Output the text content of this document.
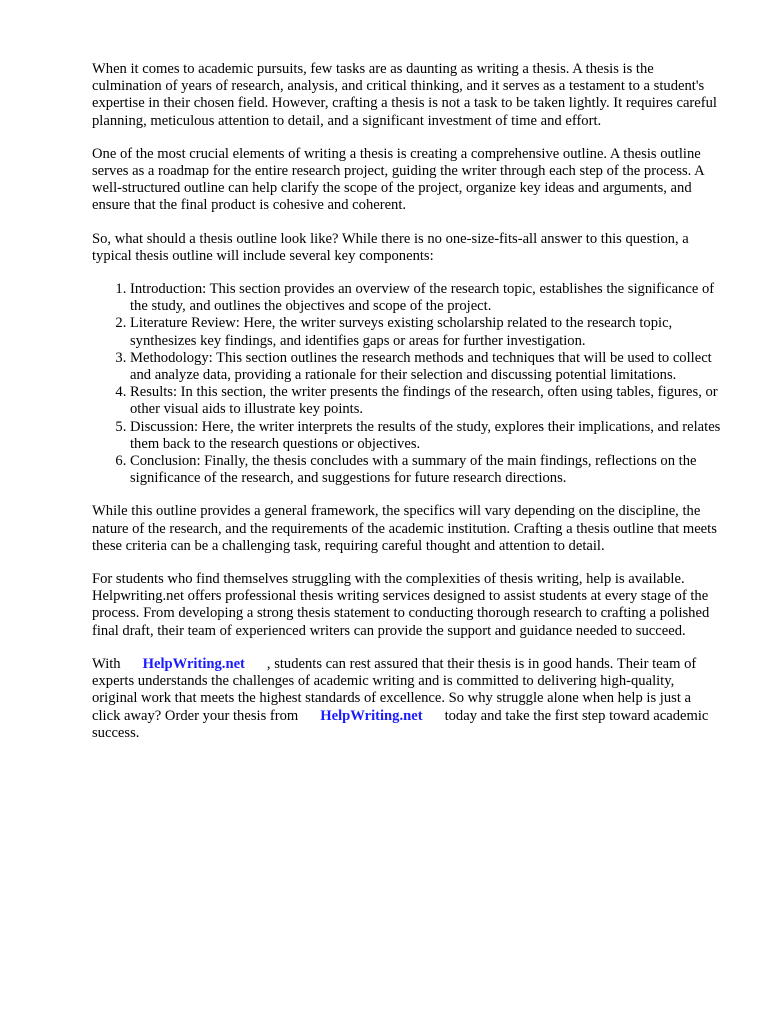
When it comes to academic pursuits, few tasks are as daunting as writing a thesis. A thesis is the culmination of years of research, analysis, and critical thinking, and it serves as a testament to a student's expertise in their chosen field. However, crafting a thesis is not a task to be taken lightly. It requires careful planning, meticulous attention to detail, and a significant investment of time and effort.

One of the most crucial elements of writing a thesis is creating a comprehensive outline. A thesis outline serves as a roadmap for the entire research project, guiding the writer through each step of the process. A well-structured outline can help clarify the scope of the project, organize key ideas and arguments, and ensure that the final product is cohesive and coherent.

So, what should a thesis outline look like? While there is no one-size-fits-all answer to this question, a typical thesis outline will include several key components:

1. Introduction: This section provides an overview of the research topic, establishes the significance of the study, and outlines the objectives and scope of the project.
2. Literature Review: Here, the writer surveys existing scholarship related to the research topic, synthesizes key findings, and identifies gaps or areas for further investigation.
3. Methodology: This section outlines the research methods and techniques that will be used to collect and analyze data, providing a rationale for their selection and discussing potential limitations.
4. Results: In this section, the writer presents the findings of the research, often using tables, figures, or other visual aids to illustrate key points.
5. Discussion: Here, the writer interprets the results of the study, explores their implications, and relates them back to the research questions or objectives.
6. Conclusion: Finally, the thesis concludes with a summary of the main findings, reflections on the significance of the research, and suggestions for future research directions.

While this outline provides a general framework, the specifics will vary depending on the discipline, the nature of the research, and the requirements of the academic institution. Crafting a thesis outline that meets these criteria can be a challenging task, requiring careful thought and attention to detail.

For students who find themselves struggling with the complexities of thesis writing, help is available. Helpwriting.net offers professional thesis writing services designed to assist students at every stage of the process. From developing a strong thesis statement to conducting thorough research to crafting a polished final draft, their team of experienced writers can provide the support and guidance needed to succeed.

With HelpWriting.net , students can rest assured that their thesis is in good hands. Their team of experts understands the challenges of academic writing and is committed to delivering high-quality, original work that meets the highest standards of excellence. So why struggle alone when help is just a click away? Order your thesis from HelpWriting.net today and take the first step toward academic success.
